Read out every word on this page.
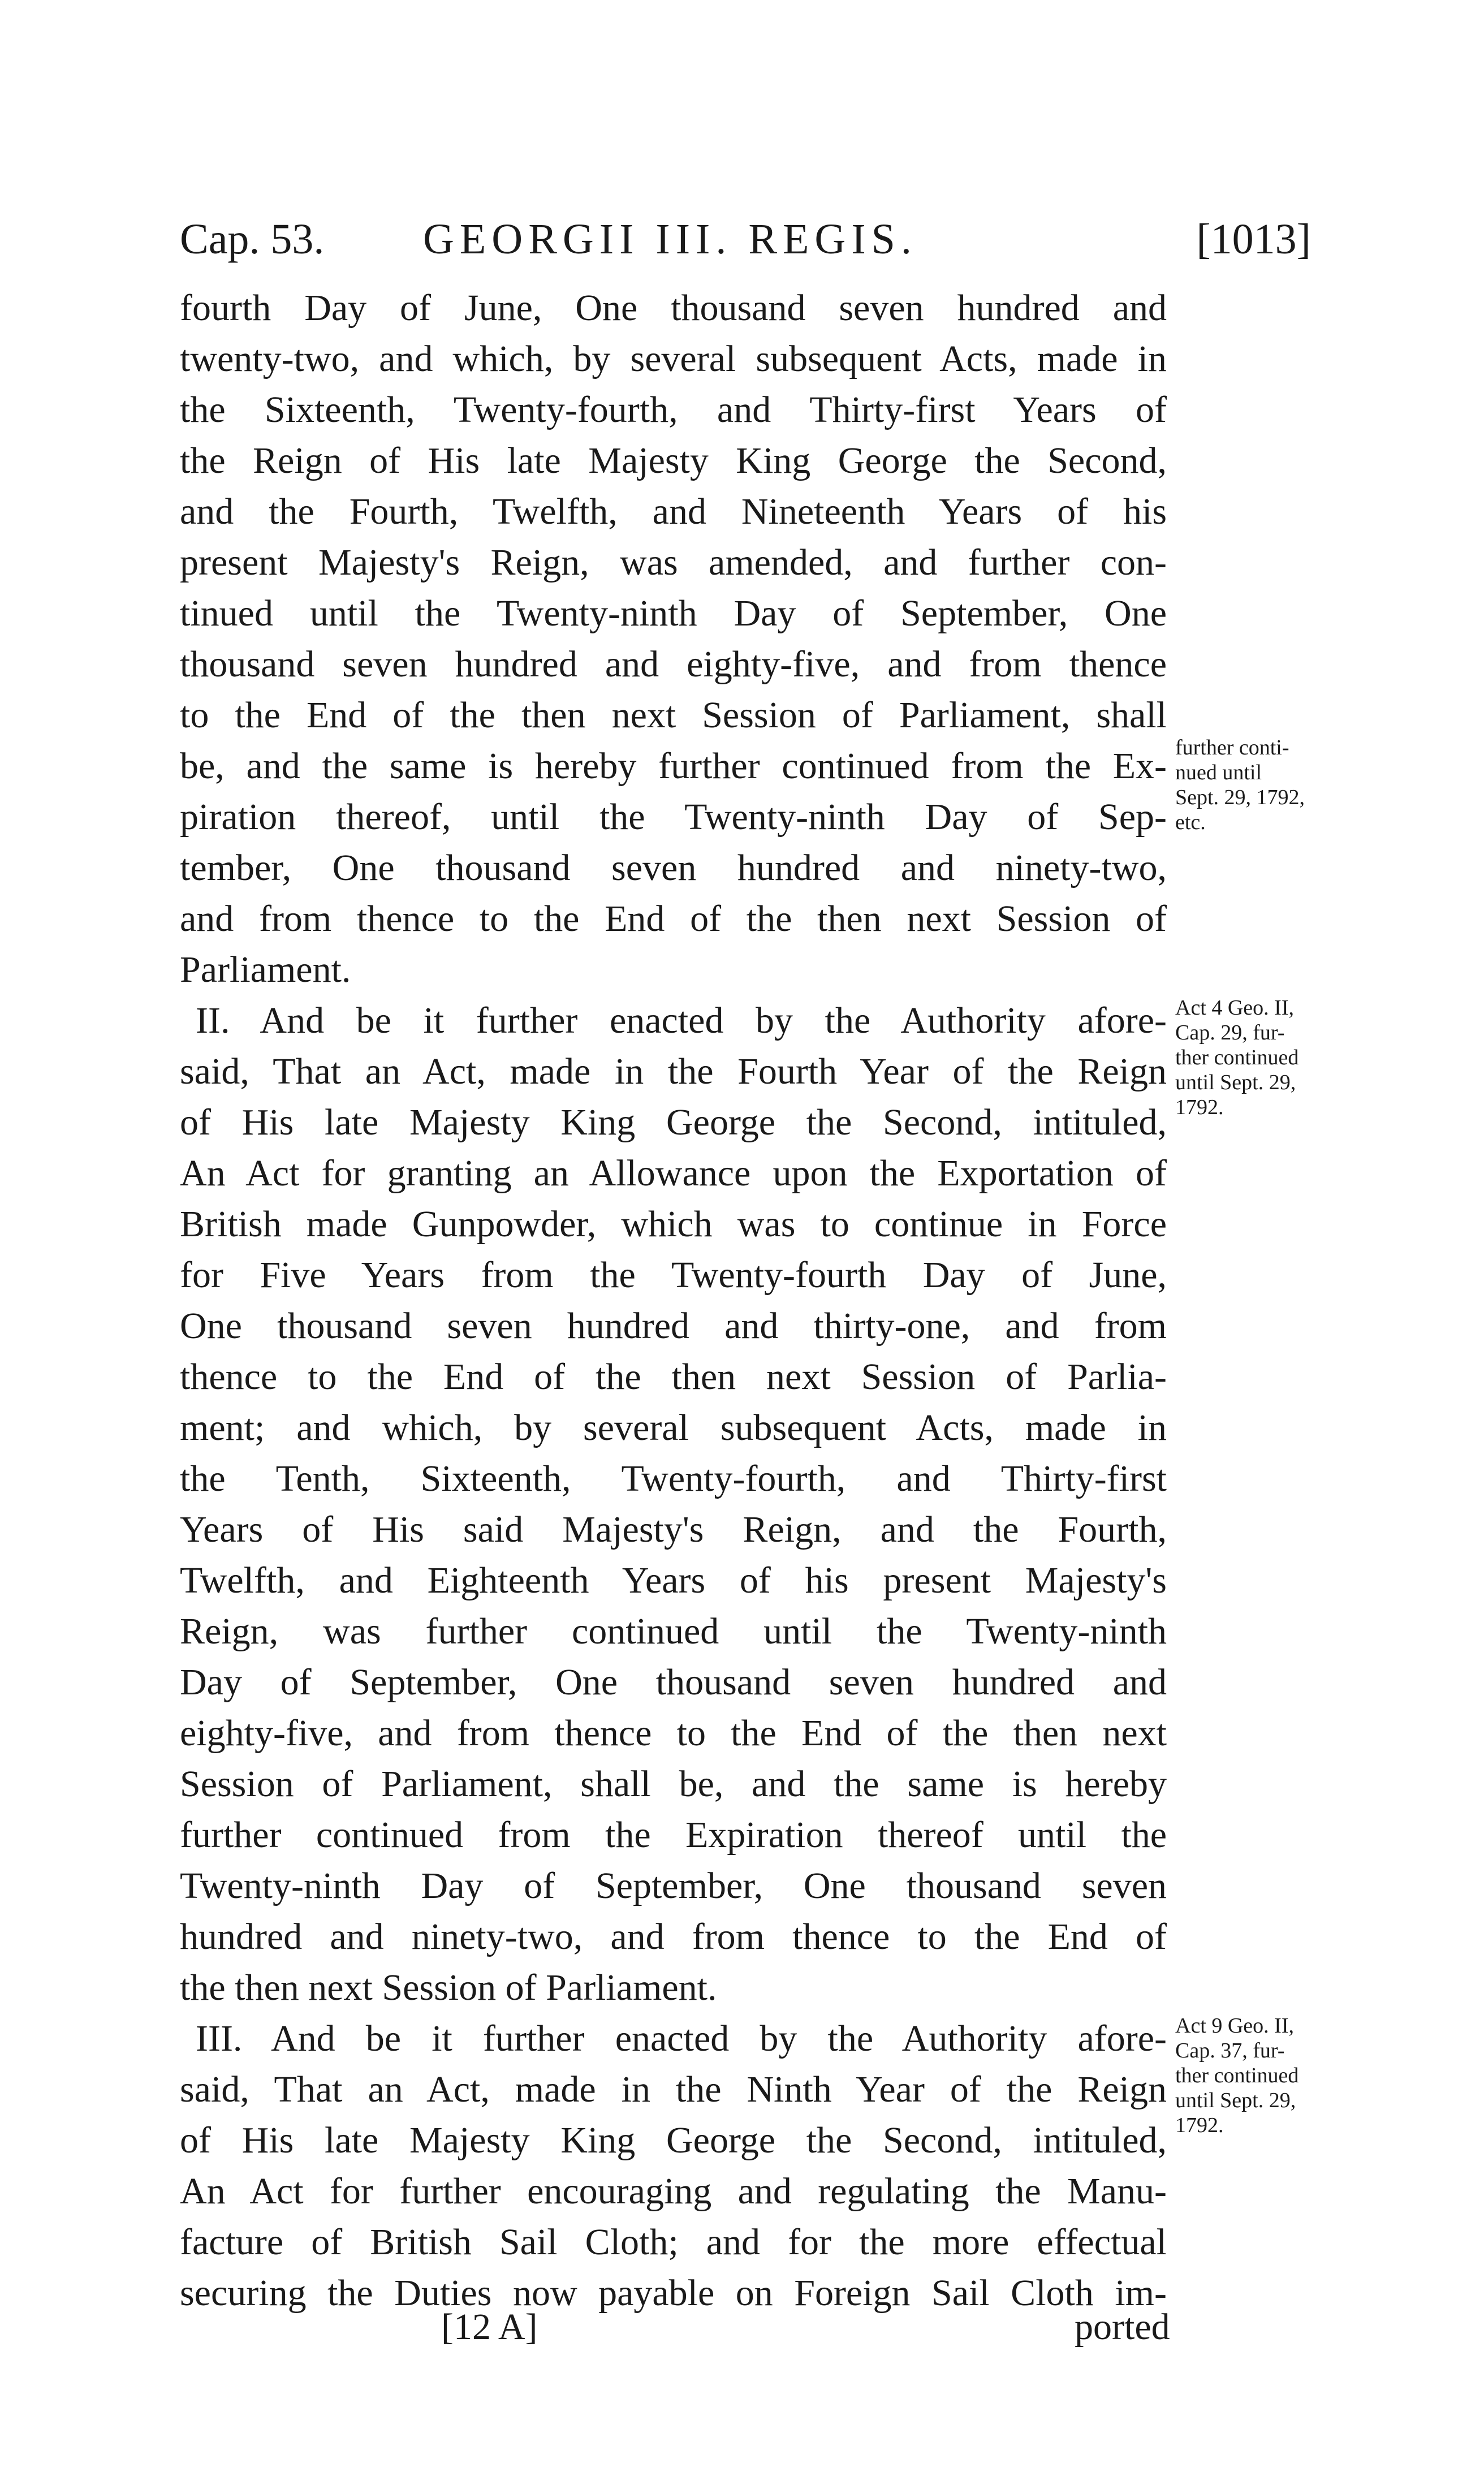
Cap. 53. GEORGII III. REGIS.	[1013]
fourth Day of June, One thousand seven hundred and
twenty-two, and which, by several subsequent Acts, made in
the Sixteenth, Twenty-fourth, and Thirty-first Years of
the Reign of His late Majesty King George the Second,
and the Fourth, Twelfth, and Nineteenth Years of his
present Majesty's Reign, was amended, and further con-
tinued until the Twenty-ninth Day of September, One
thousand seven hundred and eighty-five, and from thence
to the End of the then next Session of Parliament, shall
be, and the same is hereby further continued from the Ex-
piration thereof, until the Twenty-ninth Day of Sep-
tember, One thousand seven hundred and ninety-two,
and from thence to the End of the then next Session of
Parliament.
II. And be it further enacted by the Authority afore-
said, That an Act, made in the Fourth Year of the Reign
of His late Majesty King George the Second, intituled,
An Act for granting an Allowance upon the Exportation of
British made Gunpowder, which was to continue in Force
for Five Years from the Twenty-fourth Day of June,
One thousand seven hundred and thirty-one, and from
thence to the End of the then next Session of Parlia-
ment; and which, by several subsequent Acts, made in
the Tenth, Sixteenth, Twenty-fourth, and Thirty-first
Years of His said Majesty's Reign, and the Fourth,
Twelfth, and Eighteenth Years of his present Majesty's
Reign, was further continued until the Twenty-ninth
Day of September, One thousand seven hundred and
eighty-five, and from thence to the End of the then next
Session of Parliament, shall be, and the same is hereby
further continued from the Expiration thereof until the
Twenty-ninth Day of September, One thousand seven
hundred and ninety-two, and from thence to the End of
the then next Session of Parliament.
III. And be it further enacted by the Authority afore-
said, That an Act, made in the Ninth Year of the Reign
of His late Majesty King George the Second, intituled,
An Act for further encouraging and regulating the Manu-
facture of British Sail Cloth; and for the more effectual
securing the Duties now payable on Foreign Sail Cloth im-
further conti-
nued until
Sept. 29, 1792,
etc.
Act 4 Geo. II,
Cap. 29, fur-
ther continued
until Sept. 29,
1792.
Act 9 Geo. II,
Cap. 37, fur-
ther continued
until Sept. 29,
1792.
[12 A]	ported
